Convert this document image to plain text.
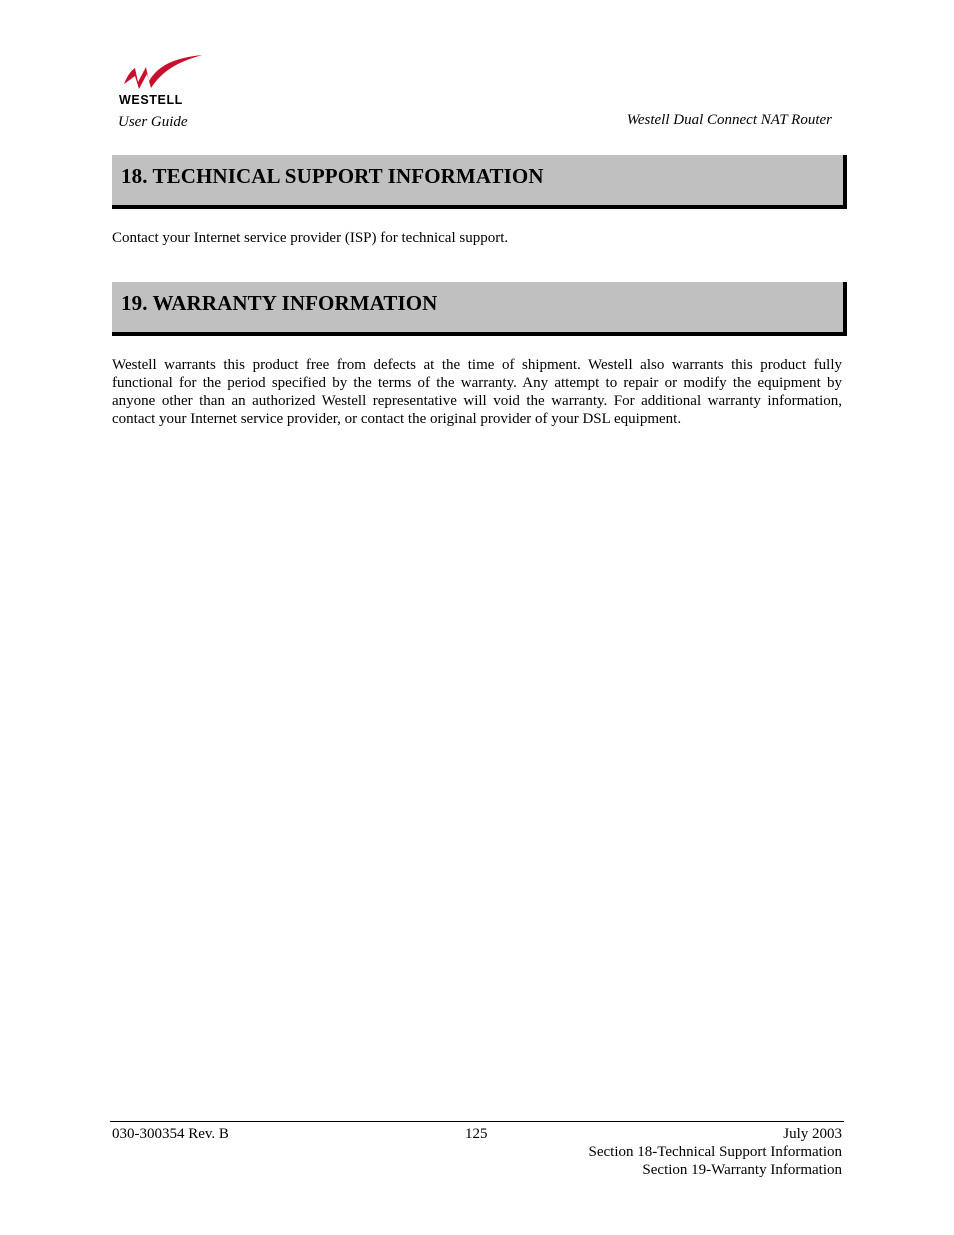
WESTELL
User Guide	Westell Dual Connect NAT Router
18. TECHNICAL SUPPORT INFORMATION
Contact your Internet service provider (ISP) for technical support.
19. WARRANTY INFORMATION
Westell warrants this product free from defects at the time of shipment. Westell also warrants this product fully functional for the period specified by the terms of the warranty. Any attempt to repair or modify the equipment by anyone other than an authorized Westell representative will void the warranty. For additional warranty information, contact your Internet service provider, or contact the original provider of your DSL equipment.
030-300354 Rev. B	125	July 2003
Section 18-Technical Support Information
Section 19-Warranty Information
